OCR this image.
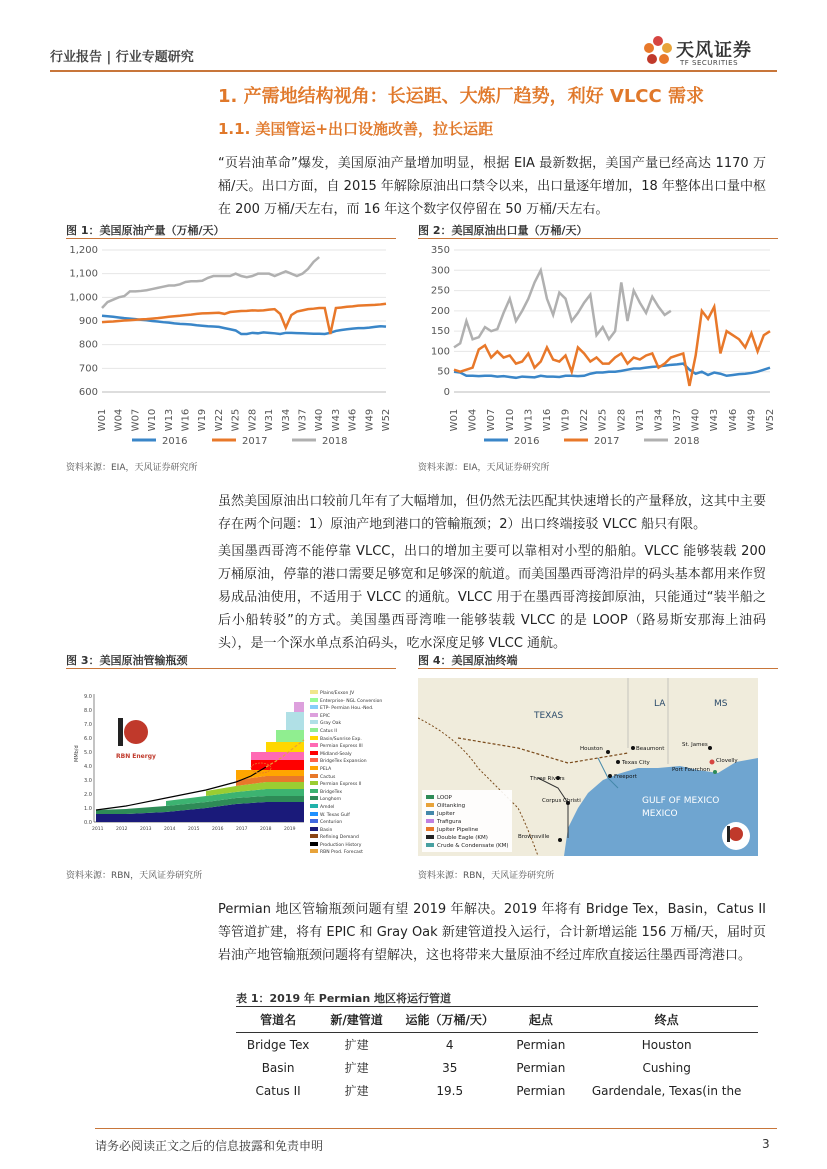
行业报告 | 行业专题研究	天风证券
TF SECURITIES
1. 产需地结构视角：长运距、大炼厂趋势，利好 VLCC 需求
1.1. 美国管运+出口设施改善，拉长运距
“页岩油革命”爆发，美国原油产量增加明显，根据 EIA 最新数据，美国产量已经高达 1170 万桶/天。出口方面，自 2015 年解除原油出口禁令以来，出口量逐年增加，18 年整体出口量中枢在 200 万桶/天左右，而 16 年这个数字仅停留在 50 万桶/天左右。
图 1：美国原油产量（万桶/天）
600
700
800
900
1,000
1,100
1,200
W01 W04 W07 W10 W13 W16 W19 W22 W25 W28 W31 W34 W37 W40 W43 W46 W49 W52
2016	2017	2018
资料来源：EIA，天风证券研究所
图 2：美国原油出口量（万桶/天）
0
50
100
150
200
250
300
350
W01 W04 W07 W10 W13 W16 W19 W22 W25 W28 W31 W34 W37 W40 W43 W46 W49 W52
2016	2017	2018
资料来源：EIA，天风证券研究所
虽然美国原油出口较前几年有了大幅增加，但仍然无法匹配其快速增长的产量释放，这其中主要存在两个问题：1）原油产地到港口的管輸瓶颈；2）出口终端接驳 VLCC 船只有限。
美国墨西哥湾不能停靠 VLCC，出口的增加主要可以靠相对小型的船舶。VLCC 能够装载 200 万桶原油，停靠的港口需要足够宽和足够深的航道。而美国墨西哥湾沿岸的码头基本都用来作贸易成品油使用，不适用于 VLCC 的通航。VLCC 用于在墨西哥湾接卸原油，只能通过“装半船之后小船转驳”的方式。美国墨西哥湾唯一能够装载 VLCC 的是 LOOP（路易斯安那海上油码头），是一个深水单点系泊码头，吃水深度足够 VLCC 通航。
图 3：美国原油管输瓶颈
0.0
1.0
2.0
3.0
4.0
5.0
6.0
7.0
8.0
9.0
MMb/d
2011	2012	2013	2014	2015	2016	2017	2018	2019
RBN Energy
Plains/Exxon JV
Enterprise- NGL Conversion
ETP- Permian Hou.-Ned.
EPIC
Gray Oak
Catus II
Basin/Sunrise Exp.
Permian Express III
Midland-Sealy
BridgeTex Expansion
PELA
Cactus
Permian Express II
BridgeTex
Longhorn
Amdel
W. Texas Gulf
Centurion
Basin
Refining Demand
Production History
RBN Prod. Forecast
资料来源：RBN，天风证券研究所
图 4：美国原油终端
TEXAS
LA	MS
GULF OF MEXICO
MEXICO
Houston	Beaumont
Texas City
Freeport
Three Rivers
Corpus Christi
Brownsville
St. James
Clovelly
Port Fourchon
LOOP
Oiltanking
Jupiter
Trafigura
Jupiter Pipeline
Double Eagle (KM)
Crude & Condensate (KM)
资料来源：RBN，天风证券研究所
Permian 地区管输瓶颈问题有望 2019 年解决。2019 年将有 Bridge Tex，Basin，Catus II 等管道扩建，将有 EPIC 和 Gray Oak 新建管道投入运行，合计新增运能 156 万桶/天，届时页岩油产地管输瓶颈问题将有望解决，这也将带来大量原油不经过库欣直接运往墨西哥湾港口。
表 1：2019 年 Permian 地区将运行管道
管道名	新/建管道	运能（万桶/天）	起点	终点
Bridge Tex	扩建	4	Permian	Houston
Basin	扩建	35	Permian	Cushing
Catus II	扩建	19.5	Permian	Gardendale, Texas(in the
请务必阅读正文之后的信息披露和免责申明	3
